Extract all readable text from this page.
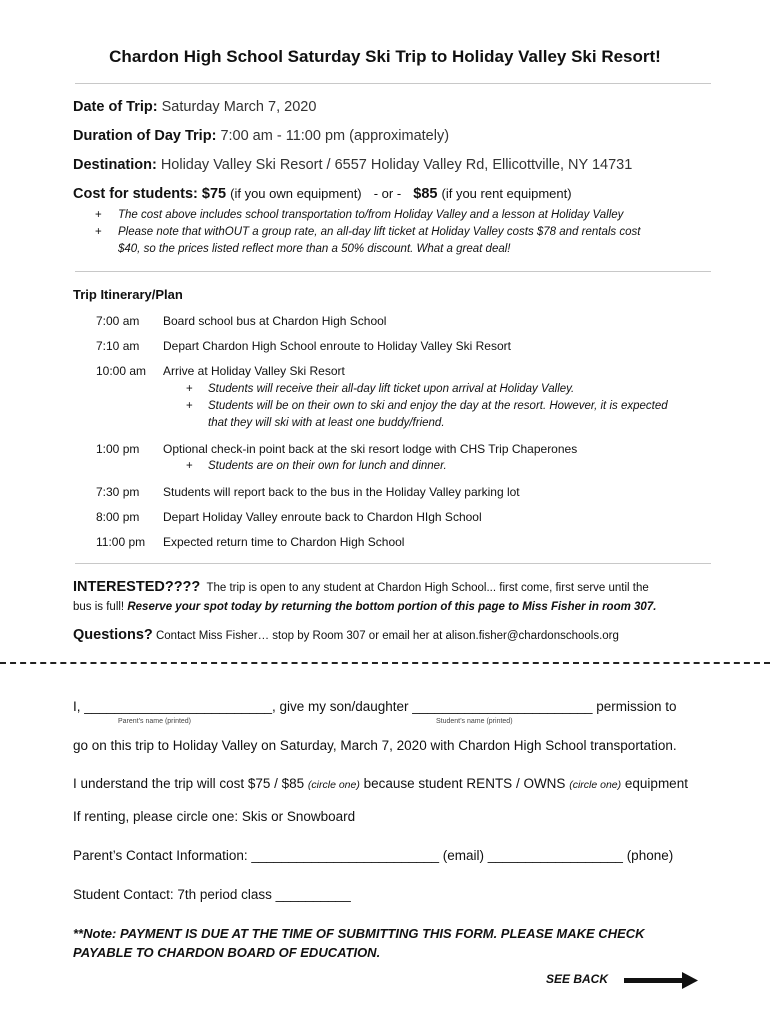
Chardon High School Saturday Ski Trip to Holiday Valley Ski Resort!
Date of Trip: Saturday March 7, 2020
Duration of Day Trip: 7:00 am - 11:00 pm (approximately)
Destination: Holiday Valley Ski Resort / 6557 Holiday Valley Rd, Ellicottville, NY 14731
Cost for students: $75 (if you own equipment) - or - $85 (if you rent equipment)
+ The cost above includes school transportation to/from Holiday Valley and a lesson at Holiday Valley
+ Please note that withOUT a group rate, an all-day lift ticket at Holiday Valley costs $78 and rentals cost
$40, so the prices listed reflect more than a 50% discount. What a great deal!
Trip Itinerary/Plan
7:00 am Board school bus at Chardon High School
7:10 am Depart Chardon High School enroute to Holiday Valley Ski Resort
10:00 am Arrive at Holiday Valley Ski Resort
+ Students will receive their all-day lift ticket upon arrival at Holiday Valley.
+ Students will be on their own to ski and enjoy the day at the resort. However, it is expected
that they will ski with at least one buddy/friend.
1:00 pm Optional check-in point back at the ski resort lodge with CHS Trip Chaperones
+ Students are on their own for lunch and dinner.
7:30 pm Students will report back to the bus in the Holiday Valley parking lot
8:00 pm Depart Holiday Valley enroute back to Chardon HIgh School
11:00 pm Expected return time to Chardon High School
INTERESTED???? The trip is open to any student at Chardon High School... first come, first serve until the
bus is full! Reserve your spot today by returning the bottom portion of this page to Miss Fisher in room 307.
Questions? Contact Miss Fisher… stop by Room 307 or email her at alison.fisher@chardonschools.org
I, _________________________, give my son/daughter ________________________ permission to
Parent’s name (printed)	Student’s name (printed)
go on this trip to Holiday Valley on Saturday, March 7, 2020 with Chardon High School transportation.
I understand the trip will cost $75 / $85 (circle one) because student RENTS / OWNS (circle one) equipment
If renting, please circle one: Skis or Snowboard
Parent’s Contact Information: _________________________ (email) __________________ (phone)
Student Contact: 7th period class __________
**Note: PAYMENT IS DUE AT THE TIME OF SUBMITTING THIS FORM. PLEASE MAKE CHECK
PAYABLE TO CHARDON BOARD OF EDUCATION.
SEE BACK
